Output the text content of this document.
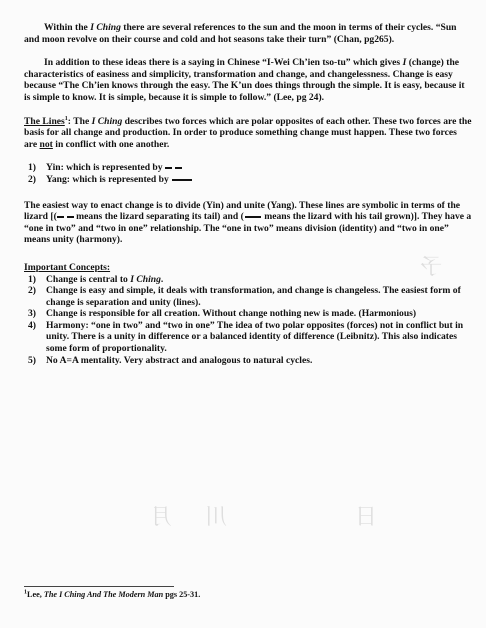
予
月 川	日

Within the I Ching there are several references to the sun and the moon in terms of their cycles. “Sun and moon revolve on their course and cold and hot seasons take their turn” (Chan, pg265).

In addition to these ideas there is a saying in Chinese “I-Wei Ch’ien tso-tu” which gives I (change) the characteristics of easiness and simplicity, transformation and change, and changelessness. Change is easy because “The Ch’ien knows through the easy. The K’un does things through the simple. It is easy, because it is simple to know. It is simple, because it is simple to follow.” (Lee, pg 24).

The Lines$^1$: The I Ching describes two forces which are polar opposites of each other. These two forces are the basis for all change and production. In order to produce something change must happen. These two forces are not in conflict with one another.

1) Yin: which is represented by
2) Yang: which is represented by

The easiest way to enact change is to divide (Yin) and unite (Yang). These lines are symbolic in terms of the lizard [(
means the lizard separating its tail) and ( means the lizard with his tail grown)]. They have a “one in two” and “two in one” relationship. The “one in two” means division (identity) and “two in one” means unity (harmony).

Important Concepts:
1) Change is central to I Ching.
2) Change is easy and simple, it deals with transformation, and change is changeless. The easiest form of change is separation and unity (lines).
3) Change is responsible for all creation. Without change nothing new is made. (Harmonious)
4) Harmony: “one in two” and “two in one” The idea of two polar opposites (forces) not in conflict but in unity. There is a unity in difference or a balanced identity of difference (Leibnitz). This also indicates some form of proportionality.
5) No A=A mentality. Very abstract and analogous to natural cycles.
$^1$Lee, The I Ching And The Modern Man pgs 25-31.
